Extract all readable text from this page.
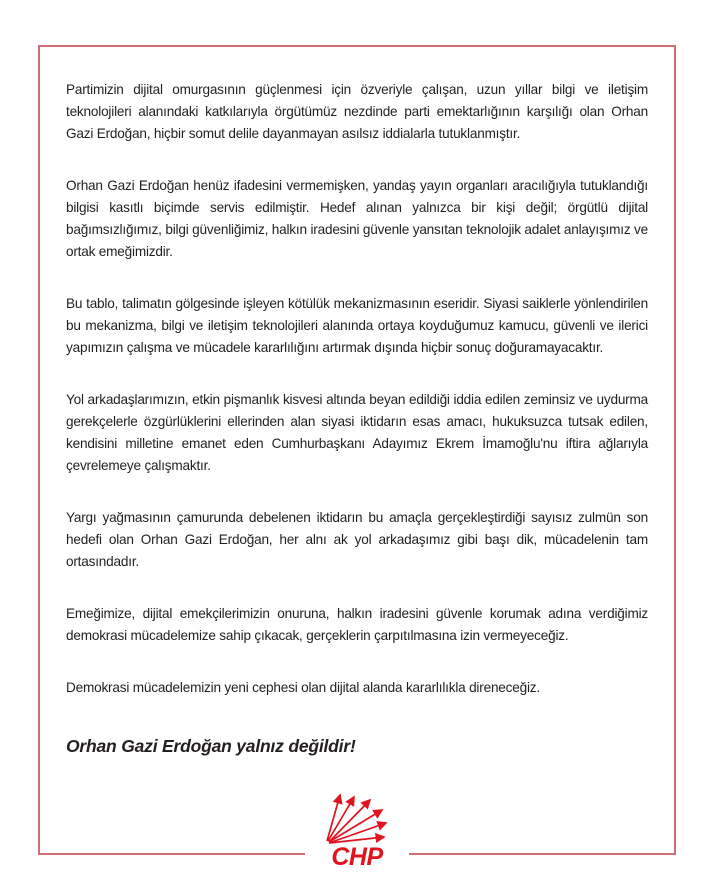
Partimizin dijital omurgasının güçlenmesi için özveriyle çalışan, uzun yıllar bilgi ve iletişim teknolojileri alanındaki katkılarıyla örgütümüz nezdinde parti emektarlığının karşılığı olan Orhan Gazi Erdoğan, hiçbir somut delile dayanmayan asılsız iddialarla tutuklanmıştır.

Orhan Gazi Erdoğan henüz ifadesini vermemişken, yandaş yayın organları aracılığıyla tutuklandığı bilgisi kasıtlı biçimde servis edilmiştir. Hedef alınan yalnızca bir kişi değil; örgütlü dijital bağımsızlığımız, bilgi güvenliğimiz, halkın iradesini güvenle yansıtan teknolojik adalet anlayışımız ve ortak emeğimizdir.

Bu tablo, talimatın gölgesinde işleyen kötülük mekanizmasının eseridir. Siyasi saiklerle yönlendirilen bu mekanizma, bilgi ve iletişim teknolojileri alanında ortaya koyduğumuz kamucu, güvenli ve ilerici yapımızın çalışma ve mücadele kararlılığını artırmak dışında hiçbir sonuç doğuramayacaktır.

Yol arkadaşlarımızın, etkin pişmanlık kisvesi altında beyan edildiği iddia edilen zeminsiz ve uydurma gerekçelerle özgürlüklerini ellerinden alan siyasi iktidarın esas amacı, hukuksuzca tutsak edilen, kendisini milletine emanet eden Cumhurbaşkanı Adayımız Ekrem İmamoğlu'nu iftira ağlarıyla çevrelemeye çalışmaktır.

Yargı yağmasının çamurunda debelenen iktidarın bu amaçla gerçekleştirdiği sayısız zulmün son hedefi olan Orhan Gazi Erdoğan, her alnı ak yol arkadaşımız gibi başı dik, mücadelenin tam ortasındadır.

Emeğimize, dijital emekçilerimizin onuruna, halkın iradesini güvenle korumak adına verdiğimiz demokrasi mücadelemize sahip çıkacak, gerçeklerin çarpıtılmasına izin vermeyeceğiz.

Demokrasi mücadelemizin yeni cephesi olan dijital alanda kararlılıkla direneceğiz.

Orhan Gazi Erdoğan yalnız değildir!

CHP
